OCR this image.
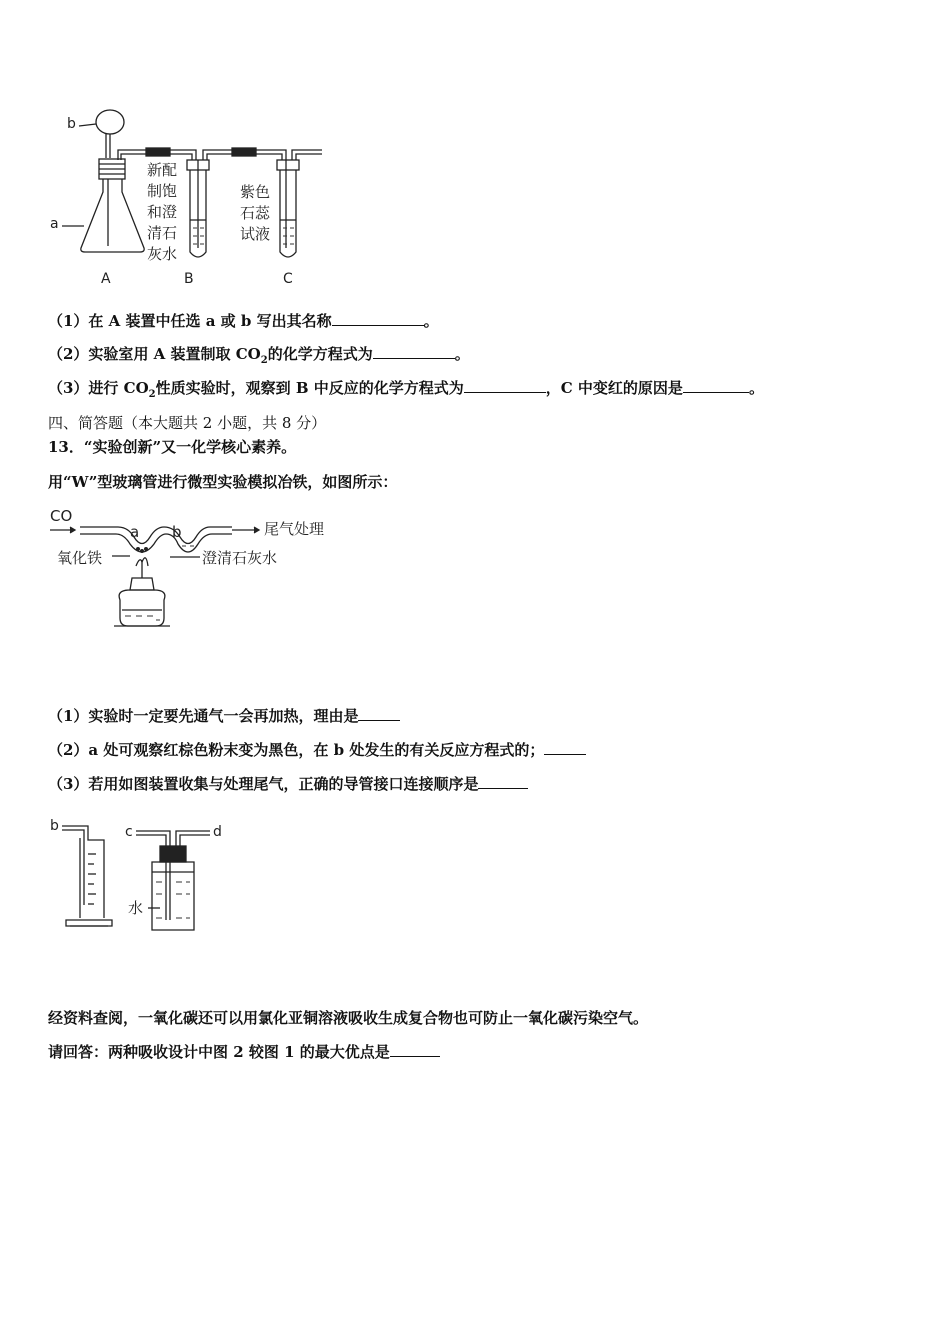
b
a
新配
制饱
和澄
清石
灰水
紫色
石蕊
试液
A	B	C
（1）在 A 装置中任选 a 或 b 写出其名称	。
（2）实验室用 A 装置制取 $CO_2$的化学方程式为	。
（3）进行 $CO_2$性质实验时，观察到 B 中反应的化学方程式为	，C 中变红的原因是	。
四、简答题（本大题共 2 小题，共 8 分）
13．“实验创新”又一化学核心素养。
用“W”型玻璃管进行微型实验模拟冶铁，如图所示：
CO
a b	尾气处理
氧化铁	澄清石灰水
（1）实验时一定要先通气一会再加热，理由是
（2）a 处可观察红棕色粉末变为黑色，在 b 处发生的有关反应方程式的；
（3）若用如图装置收集与处理尾气，正确的导管接口连接顺序是
b	c	d
水
经资料查阅，一氧化碳还可以用氯化亚铜溶液吸收生成复合物也可防止一氧化碳污染空气。
请回答：两种吸收设计中图 2 较图 1 的最大优点是
